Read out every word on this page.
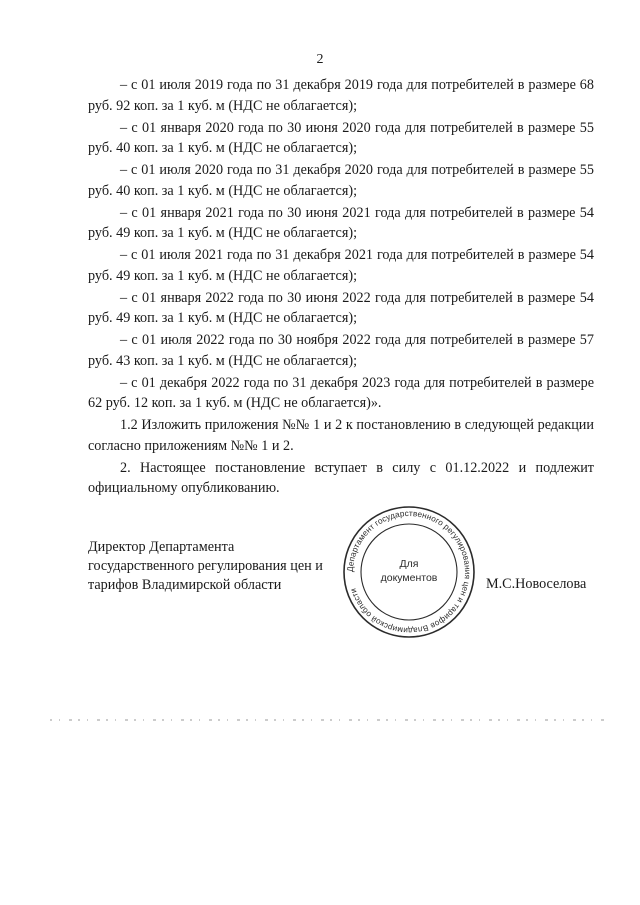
2

– с 01 июля 2019 года по 31 декабря 2019 года для потребителей в размере 68 руб. 92 коп. за 1 куб. м (НДС не облагается);

– с 01 января 2020 года по 30 июня 2020 года для потребителей в размере 55 руб. 40 коп. за 1 куб. м (НДС не облагается);

– с 01 июля 2020 года по 31 декабря 2020 года для потребителей в размере 55 руб. 40 коп. за 1 куб. м (НДС не облагается);

– с 01 января 2021 года по 30 июня 2021 года для потребителей в размере 54 руб. 49 коп. за 1 куб. м (НДС не облагается);

– с 01 июля 2021 года по 31 декабря 2021 года для потребителей в размере 54 руб. 49 коп. за 1 куб. м (НДС не облагается);

– с 01 января 2022 года по 30 июня 2022 года для потребителей в размере 54 руб. 49 коп. за 1 куб. м (НДС не облагается);

– с 01 июля 2022 года по 30 ноября 2022 года для потребителей в размере 57 руб. 43 коп. за 1 куб. м (НДС не облагается);

– с 01 декабря 2022 года по 31 декабря 2023 года для потребителей в размере 62 руб. 12 коп. за 1 куб. м (НДС не облагается)».

1.2 Изложить приложения №№ 1 и 2 к постановлению в следующей редакции согласно приложениям №№ 1 и 2.

2. Настоящее постановление вступает в силу с 01.12.2022 и подлежит официальному опубликованию.

Директор Департамента
государственного регулирования цен и
тарифов Владимирской области
Департамент государственного регулирования цен и тарифов Владимирской области
Для
документов	М.С.Новоселова
